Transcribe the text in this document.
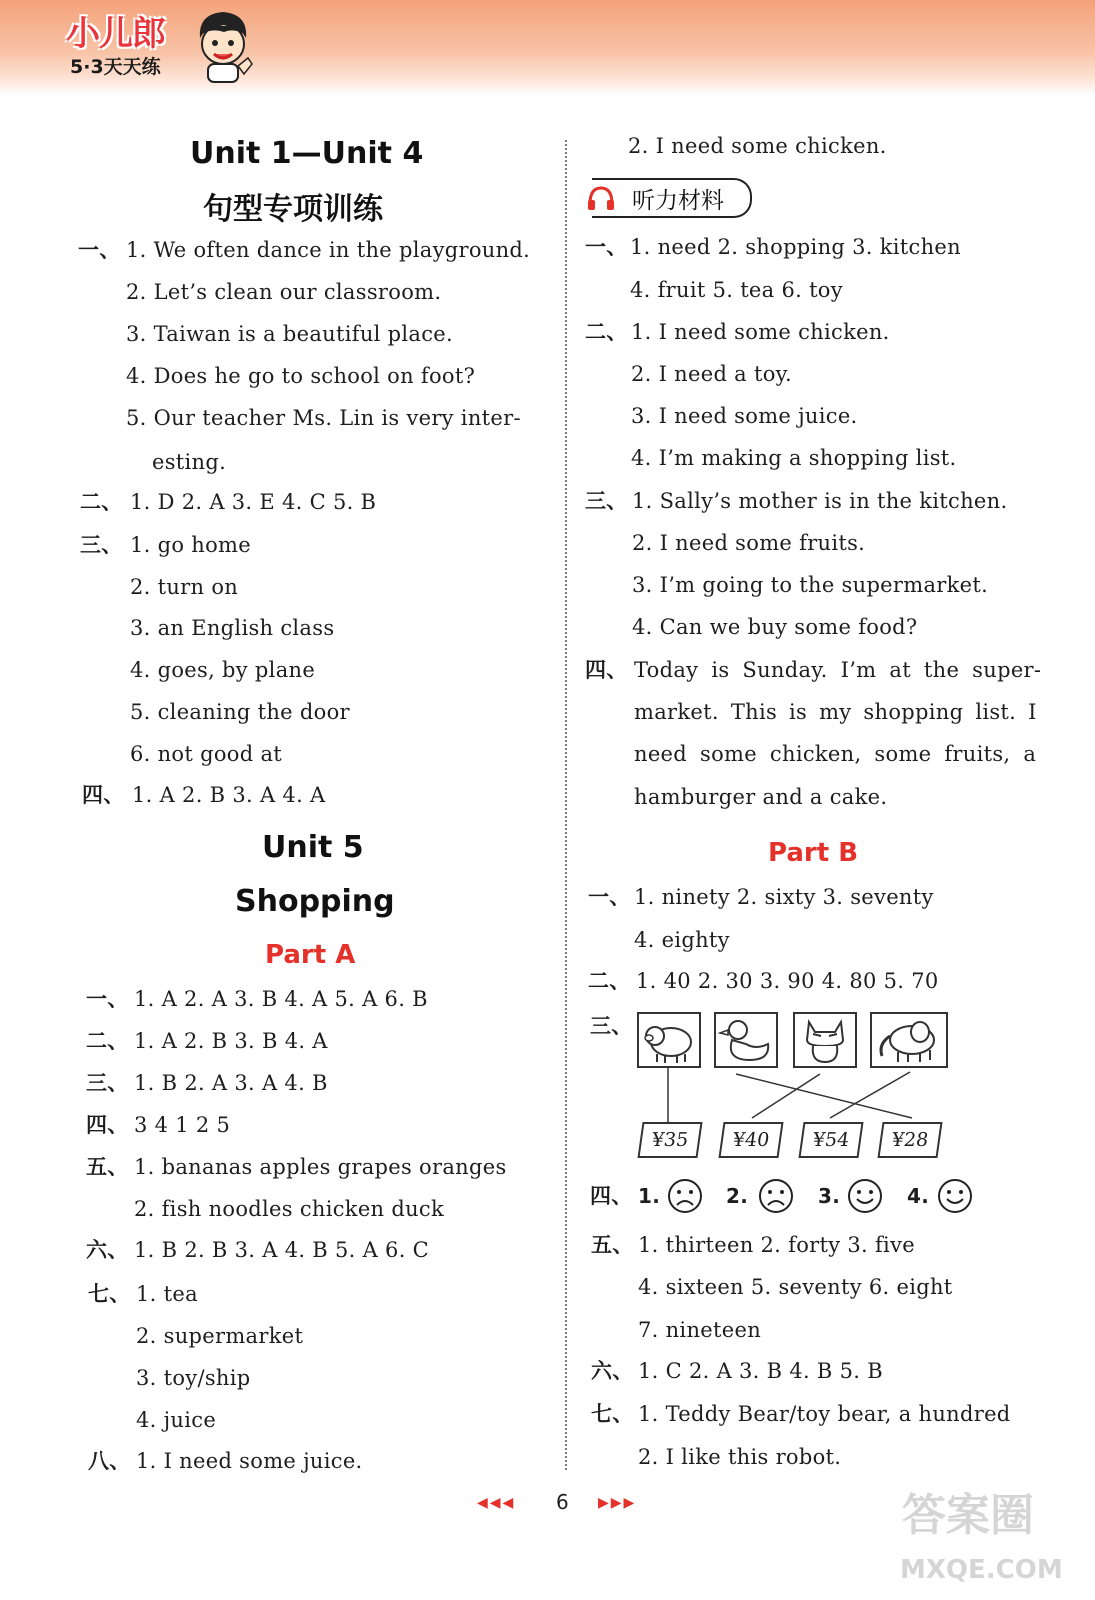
小儿郎
5·3天天练
Unit 1—Unit 4
句型专项训练
一、 1. We often dance in the playground.
2. Let’s clean our classroom.
3. Taiwan is a beautiful place.
4. Does he go to school on foot?
5. Our teacher Ms. Lin is very inter-
esting.
二、 1. D 2. A 3. E 4. C 5. B
三、 1. go home
2. turn on
3. an English class
4. goes, by plane
5. cleaning the door
6. not good at
四、 1. A 2. B 3. A 4. A
Unit 5
Shopping
Part A
一、 1. A 2. A 3. B 4. A 5. A 6. B
二、 1. A 2. B 3. B 4. A
三、 1. B 2. A 3. A 4. B
四、 3 4 1 2 5
五、 1. bananas apples grapes oranges
2. fish noodles chicken duck
六、 1. B 2. B 3. A 4. B 5. A 6. C
七、 1. tea
2. supermarket
3. toy/ship
4. juice
八、 1. I need some juice.
2. I need some chicken.
听力材料
一、 1. need 2. shopping 3. kitchen
4. fruit 5. tea 6. toy
二、 1. I need some chicken.
2. I need a toy.
3. I need some juice.
4. I’m making a shopping list.
三、 1. Sally’s mother is in the kitchen.
2. I need some fruits.
3. I’m going to the supermarket.
4. Can we buy some food?
四、 Today is Sunday. I’m at the super-
market. This is my shopping list. I
need some chicken, some fruits, a
hamburger and a cake.
Part B
一、 1. ninety 2. sixty 3. seventy
4. eighty
二、 1. 40 2. 30 3. 90 4. 80 5. 70
三、
¥35	¥40	¥54	¥28
四、 1.	2.	3.	4.
五、 1. thirteen 2. forty 3. five
4. sixteen 5. seventy 6. eight
7. nineteen
六、 1. C 2. A 3. B 4. B 5. B
七、 1. Teddy Bear/toy bear, a hundred
2. I like this robot.
◀◀◀ 6 ▶▶▶	答案圈
MXQE.COM
